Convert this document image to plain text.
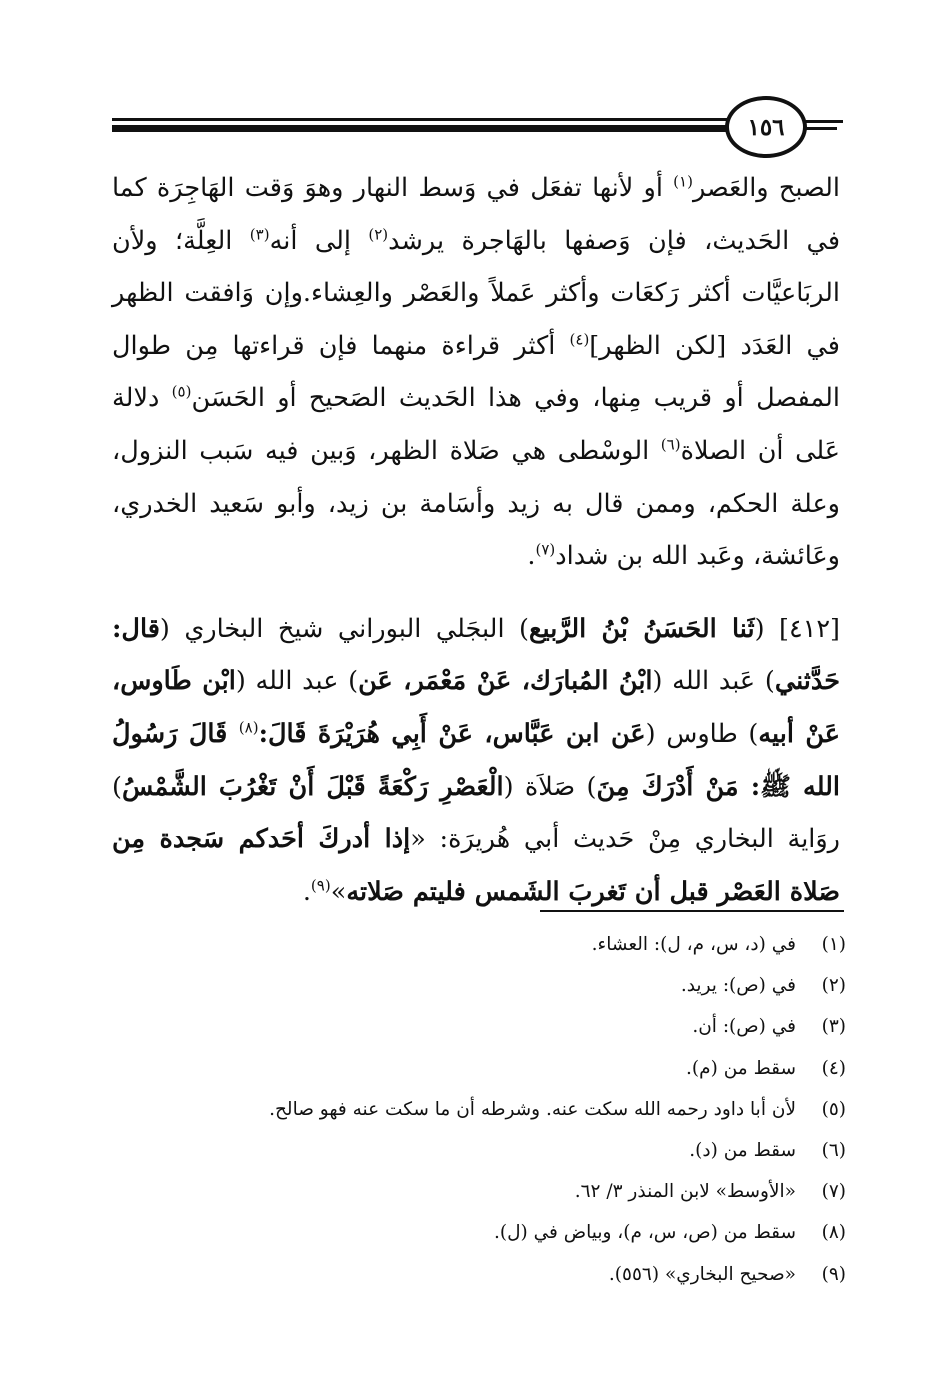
١٥٦

الصبح والعَصر$^{(١)}$ أو لأنها تفعَل في وَسط النهار وهوَ وَقت الهَاجِرَة كما في الحَديث، فإن وَصفها بالهَاجرة يرشد$^{(٢)}$ إلى أنه$^{(٣)}$ العِلَّة؛ ولأن الربَاعيَّات أكثر رَكعَات وأكثر عَملاً والعَصْر والعِشاء.وإن وَافقت الظهر في العَدَد [لكن الظهر]$^{(٤)}$ أكثر قراءة منهما فإن قراءتها مِن طوال المفصل أو قريب مِنها، وفي هذا الحَديث الصَحيح أو الحَسَن$^{(٥)}$ دلالة عَلى أن الصلاة$^{(٦)}$ الوسْطى هي صَلاة الظهر، وَبين فيه سَبب النزول، وعلة الحكم، وممن قال به زيد وأسَامة بن زيد، وأبو سَعيد الخدري، وعَائشة، وعَبد الله بن شداد$^{(٧)}$.

[٤١٢] (ثَنا الحَسَنُ بْنُ الرَّبيع) البجَلي البوراني شيخ البخاري (قال: حَدَّثني) عَبد الله (ابْنُ المُبارَك، عَنْ مَعْمَر، عَن) عبد الله (ابْن طَاوس، عَنْ أبيه) طاوس (عَن ابن عَبَّاس، عَنْ أَبِي هُرَيْرَةَ قَالَ:$^{(٨)}$ قَالَ رَسُولُ الله ﷺ: مَنْ أَدْرَكَ مِنَ) صَلاَة (الْعَصْرِ رَكْعَةً قَبْلَ أَنْ تَغْرُبَ الشَّمْسُ) روَاية البخاري مِنْ حَديث أبي هُريرَة: «إذا أدركَ أحَدكم سَجدة مِن صَلاة العَصْر قبل أن تَغربَ الشَمس فليتم صَلاته»$^{(٩)}$.

(١)
في (د، س، م، ل): العشاء.
(٢)
في (ص): يريد.
(٣)
في (ص): أن.
(٤)
سقط من (م).
(٥)
لأن أبا داود رحمه الله سكت عنه. وشرطه أن ما سكت عنه فهو صالح.
(٦)
سقط من (د).
(٧)
«الأوسط» لابن المنذر ٣/ ٦٢.
(٨)
سقط من (ص، س، م)، وبياض في (ل).
(٩)
«صحيح البخاري» (٥٥٦).
